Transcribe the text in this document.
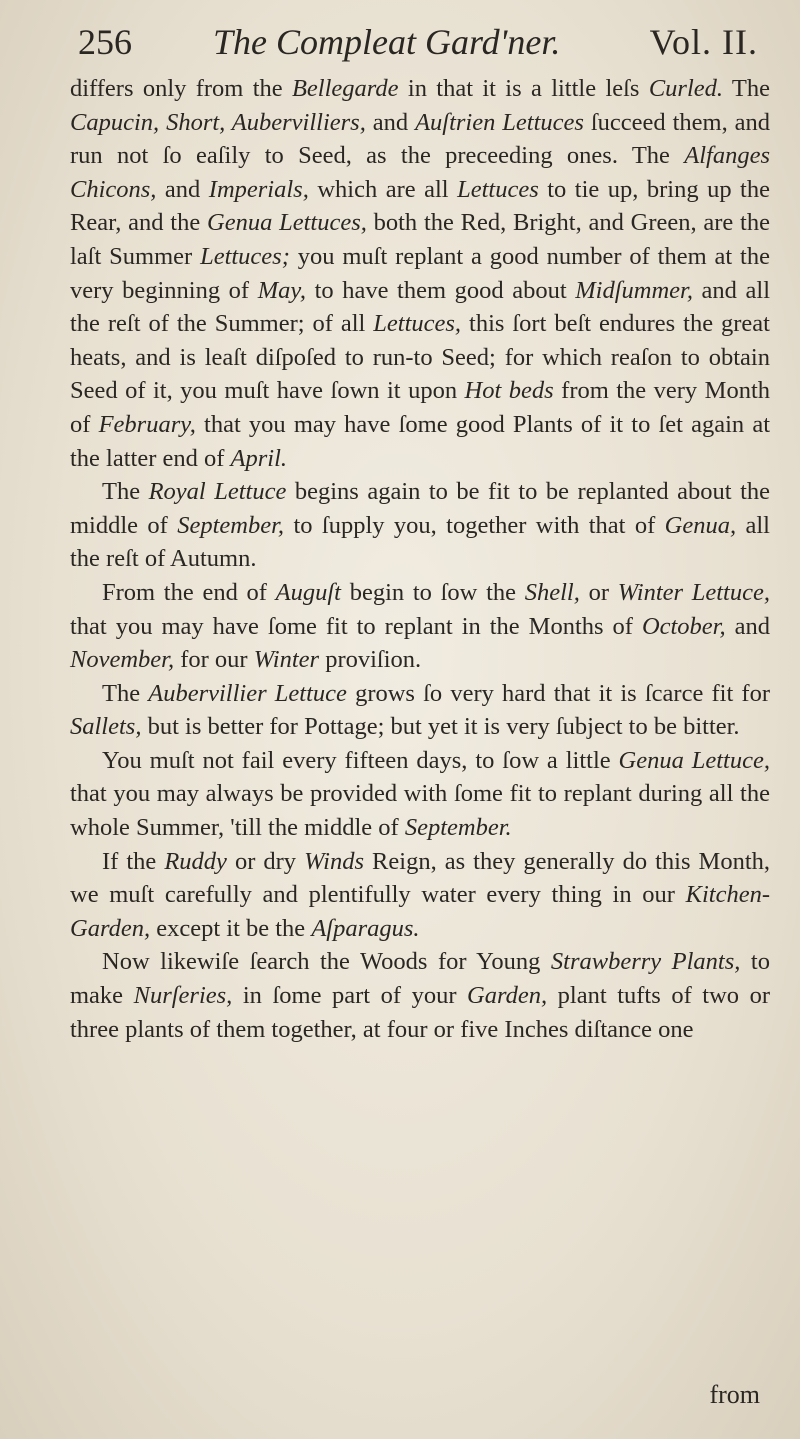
256 The Compleat Gard'ner. Vol. II.

differs only from the Bellegarde in that it is a little leſs Curled. The Capucin, Short, Aubervilliers, and Auſtrien Lettuces ſucceed them, and run not ſo eaſily to Seed, as the preceeding ones. The Alfanges Chicons, and Imperials, which are all Lettuces to tie up, bring up the Rear, and the Genua Lettuces, both the Red, Bright, and Green, are the laſt Summer Lettuces; you muſt replant a good number of them at the very beginning of May, to have them good about Midſummer, and all the reſt of the Summer; of all Lettuces, this ſort beſt endures the great heats, and is leaſt diſpoſed to run-to Seed; for which reaſon to obtain Seed of it, you muſt have ſown it upon Hot beds from the very Month of February, that you may have ſome good Plants of it to ſet again at the latter end of April.

The Royal Lettuce begins again to be fit to be replanted about the middle of September, to ſupply you, together with that of Genua, all the reſt of Autumn.

From the end of Auguſt begin to ſow the Shell, or Winter Lettuce, that you may have ſome fit to replant in the Months of October, and November, for our Winter proviſion.

The Aubervillier Lettuce grows ſo very hard that it is ſcarce fit for Sallets, but is better for Pottage; but yet it is very ſubject to be bitter.

You muſt not fail every fifteen days, to ſow a little Genua Lettuce, that you may always be provided with ſome fit to replant during all the whole Summer, 'till the middle of September.

If the Ruddy or dry Winds Reign, as they generally do this Month, we muſt carefully and plentifully water every thing in our Kitchen-Garden, except it be the Aſparagus.

Now likewiſe ſearch the Woods for Young Strawberry Plants, to make Nurſeries, in ſome part of your Garden, plant tufts of two or three plants of them together, at four or five Inches diſtance one

from
